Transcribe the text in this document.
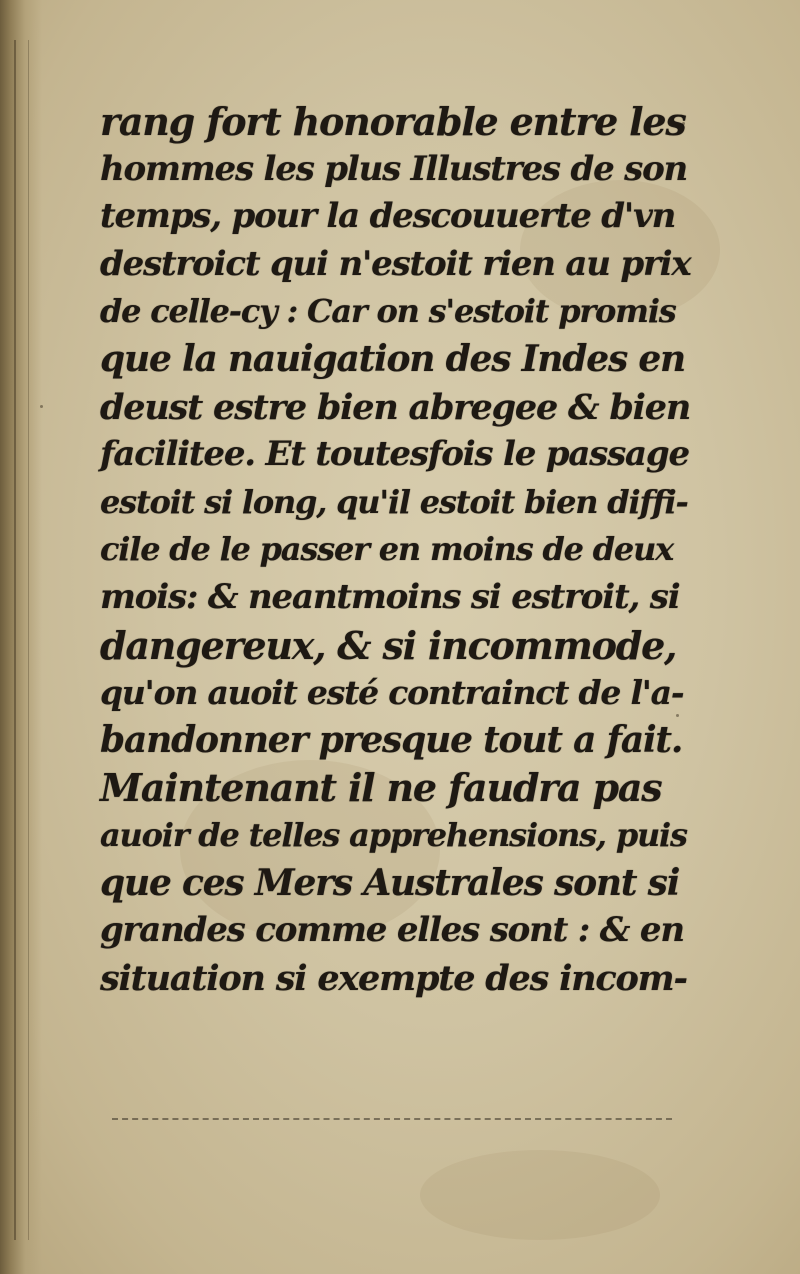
rang fort honorable entre les
hommes les plus Illustres de son
temps, pour la descouuerte d'vn
destroict qui n'estoit rien au prix
de celle-cy : Car on s'estoit promis
que la nauigation des Indes en
deust estre bien abregee & bien
facilitee. Et toutesfois le passage
estoit si long, qu'il estoit bien diffi-
cile de le passer en moins de deux
mois: & neantmoins si estroit, si
dangereux, & si incommode,
qu'on auoit esté contrainct de l'a-
bandonner presque tout a fait.
Maintenant il ne faudra pas
auoir de telles apprehensions, puis
que ces Mers Australes sont si
grandes comme elles sont : & en
situation si exempte des incom-
